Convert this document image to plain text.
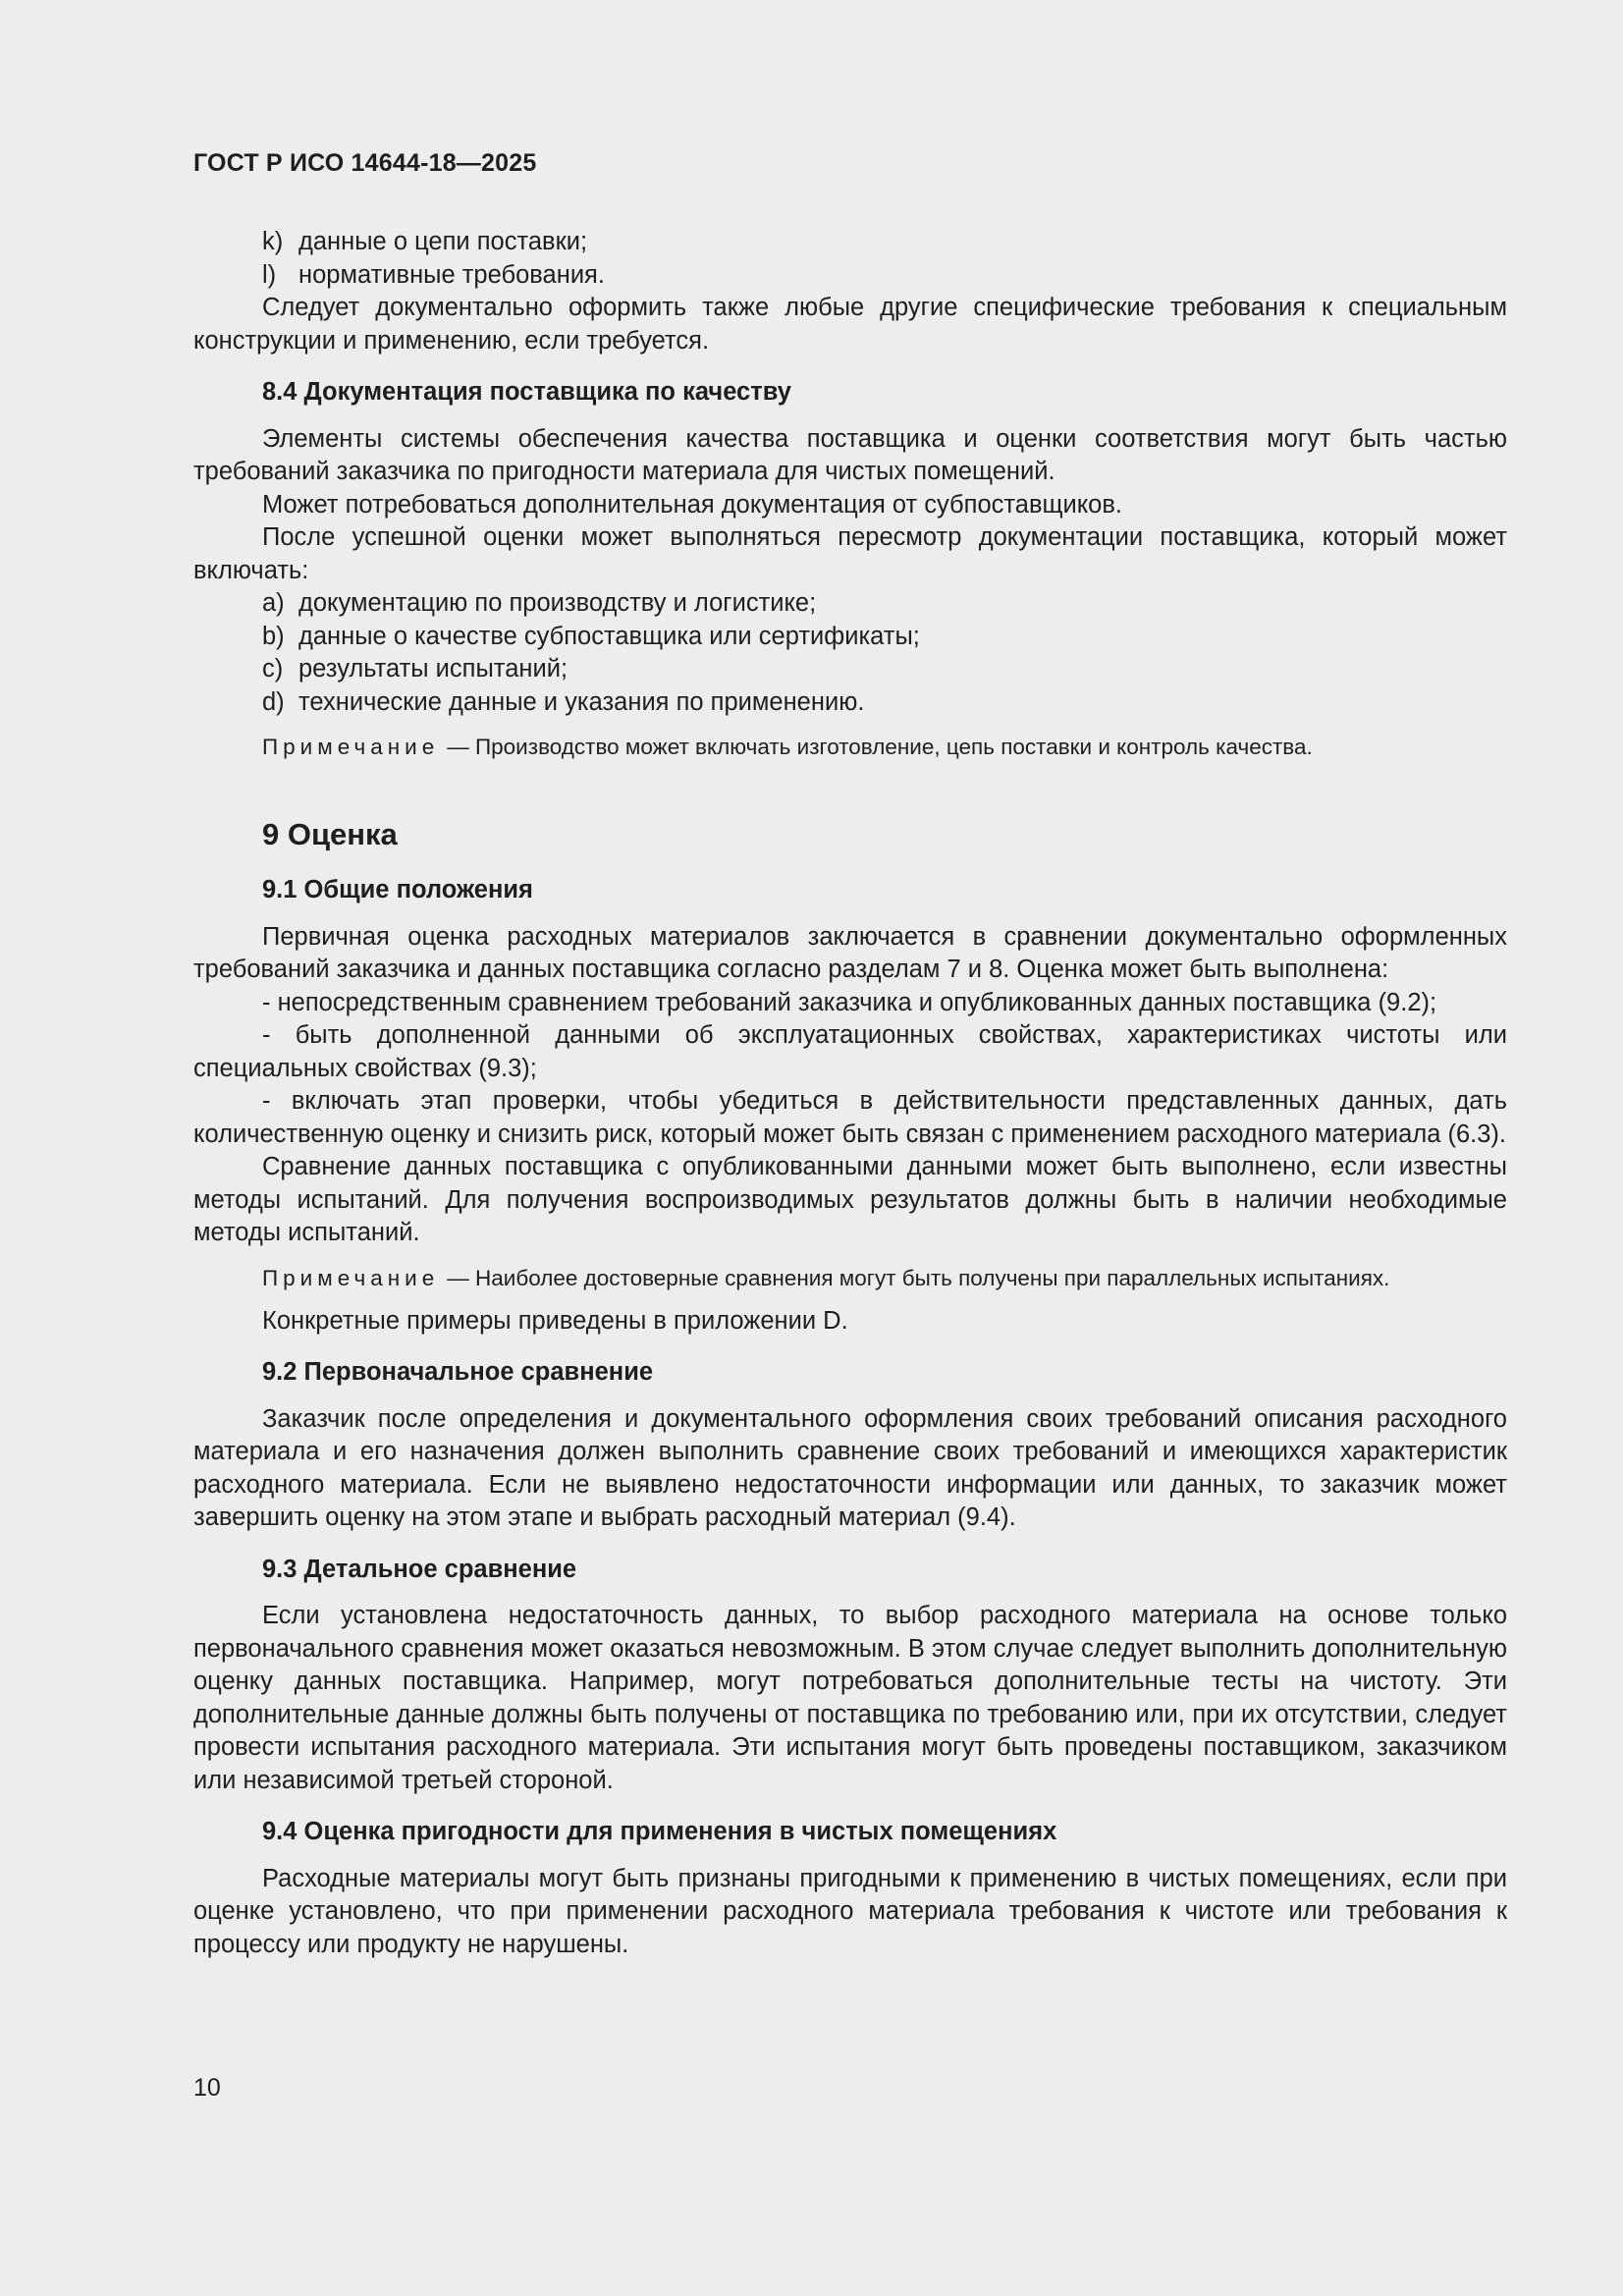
ГОСТ Р ИСО 14644-18—2025
k) данные о цепи поставки;
l) нормативные требования.

Следует документально оформить также любые другие специфические требования к специальным конструкции и применению, если требуется.

8.4 Документация поставщика по качеству

Элементы системы обеспечения качества поставщика и оценки соответствия могут быть частью требований заказчика по пригодности материала для чистых помещений.

Может потребоваться дополнительная документация от субпоставщиков.

После успешной оценки может выполняться пересмотр документации поставщика, который может включать:

a) документацию по производству и логистике;
b) данные о качестве субпоставщика или сертификаты;
c) результаты испытаний;
d) технические данные и указания по применению.
Примечание — Производство может включать изготовление, цепь поставки и контроль качества.
9 Оценка
9.1 Общие положения

Первичная оценка расходных материалов заключается в сравнении документально оформленных требований заказчика и данных поставщика согласно разделам 7 и 8. Оценка может быть выполнена:

- непосредственным сравнением требований заказчика и опубликованных данных поставщика (9.2);

- быть дополненной данными об эксплуатационных свойствах, характеристиках чистоты или специальных свойствах (9.3);

- включать этап проверки, чтобы убедиться в действительности представленных данных, дать количественную оценку и снизить риск, который может быть связан с применением расходного материала (6.3).

Сравнение данных поставщика с опубликованными данными может быть выполнено, если известны методы испытаний. Для получения воспроизводимых результатов должны быть в наличии необходимые методы испытаний.

Примечание — Наиболее достоверные сравнения могут быть получены при параллельных испытаниях.

Конкретные примеры приведены в приложении D.

9.2 Первоначальное сравнение

Заказчик после определения и документального оформления своих требований описания расходного материала и его назначения должен выполнить сравнение своих требований и имеющихся характеристик расходного материала. Если не выявлено недостаточности информации или данных, то заказчик может завершить оценку на этом этапе и выбрать расходный материал (9.4).

9.3 Детальное сравнение

Если установлена недостаточность данных, то выбор расходного материала на основе только первоначального сравнения может оказаться невозможным. В этом случае следует выполнить дополнительную оценку данных поставщика. Например, могут потребоваться дополнительные тесты на чистоту. Эти дополнительные данные должны быть получены от поставщика по требованию или, при их отсутствии, следует провести испытания расходного материала. Эти испытания могут быть проведены поставщиком, заказчиком или независимой третьей стороной.

9.4 Оценка пригодности для применения в чистых помещениях

Расходные материалы могут быть признаны пригодными к применению в чистых помещениях, если при оценке установлено, что при применении расходного материала требования к чистоте или требования к процессу или продукту не нарушены.

10
